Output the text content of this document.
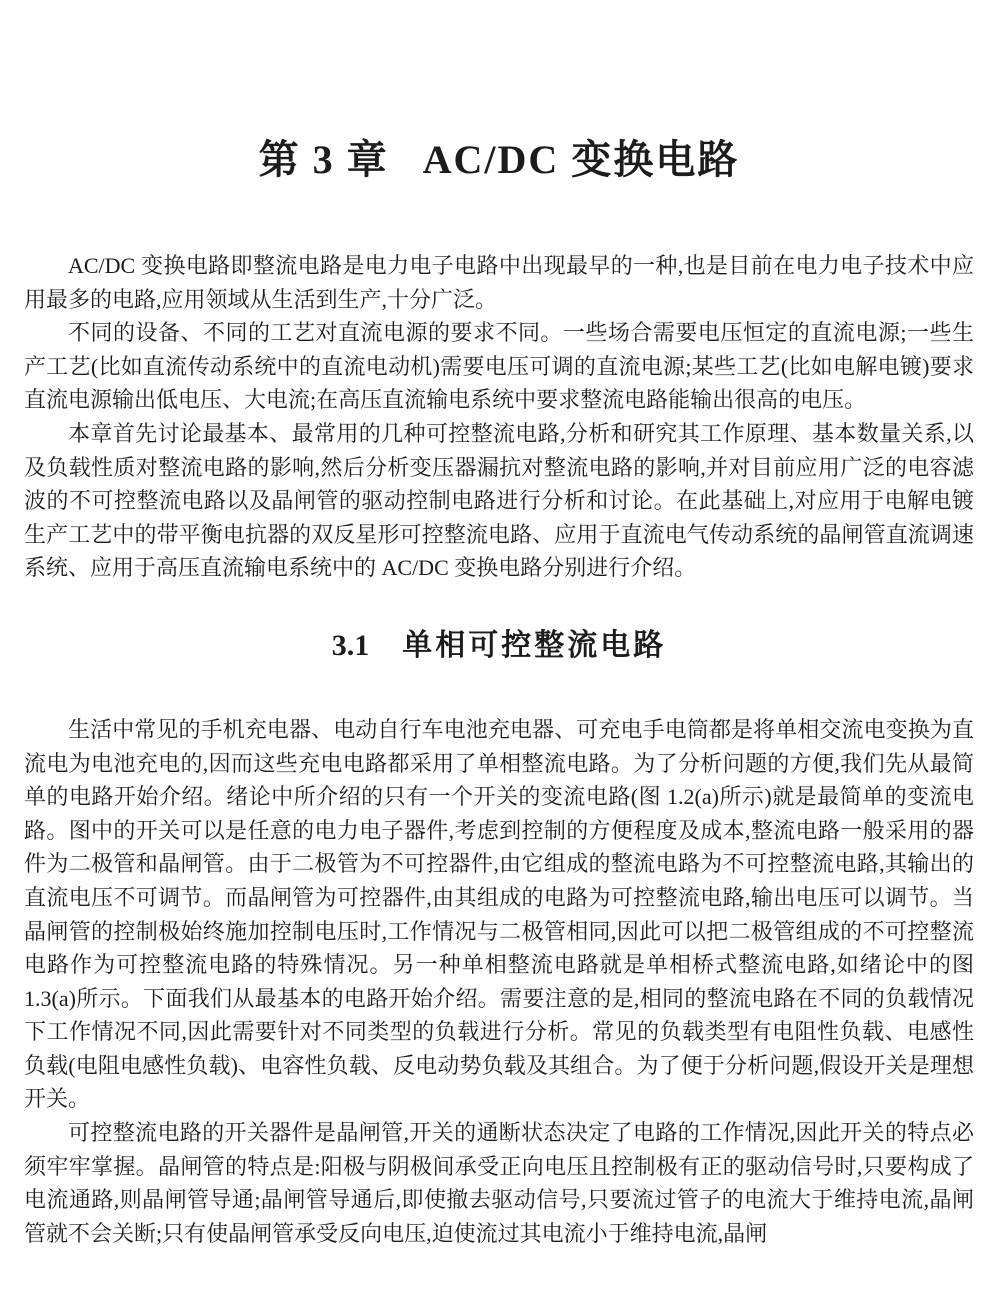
第 3 章 AC/DC 变换电路

AC/DC 变换电路即整流电路是电力电子电路中出现最早的一种,也是目前在电力电子技术中应用最多的电路,应用领域从生活到生产,十分广泛。

不同的设备、不同的工艺对直流电源的要求不同。一些场合需要电压恒定的直流电源;一些生产工艺(比如直流传动系统中的直流电动机)需要电压可调的直流电源;某些工艺(比如电解电镀)要求直流电源输出低电压、大电流;在高压直流输电系统中要求整流电路能输出很高的电压。

本章首先讨论最基本、最常用的几种可控整流电路,分析和研究其工作原理、基本数量关系,以及负载性质对整流电路的影响,然后分析变压器漏抗对整流电路的影响,并对目前应用广泛的电容滤波的不可控整流电路以及晶闸管的驱动控制电路进行分析和讨论。在此基础上,对应用于电解电镀生产工艺中的带平衡电抗器的双反星形可控整流电路、应用于直流电气传动系统的晶闸管直流调速系统、应用于高压直流输电系统中的 AC/DC 变换电路分别进行介绍。

3.1 单相可控整流电路

生活中常见的手机充电器、电动自行车电池充电器、可充电手电筒都是将单相交流电变换为直流电为电池充电的,因而这些充电电路都采用了单相整流电路。为了分析问题的方便,我们先从最简单的电路开始介绍。绪论中所介绍的只有一个开关的变流电路(图 1.2(a)所示)就是最简单的变流电路。图中的开关可以是任意的电力电子器件,考虑到控制的方便程度及成本,整流电路一般采用的器件为二极管和晶闸管。由于二极管为不可控器件,由它组成的整流电路为不可控整流电路,其输出的直流电压不可调节。而晶闸管为可控器件,由其组成的电路为可控整流电路,输出电压可以调节。当晶闸管的控制极始终施加控制电压时,工作情况与二极管相同,因此可以把二极管组成的不可控整流电路作为可控整流电路的特殊情况。另一种单相整流电路就是单相桥式整流电路,如绪论中的图 1.3(a)所示。下面我们从最基本的电路开始介绍。需要注意的是,相同的整流电路在不同的负载情况下工作情况不同,因此需要针对不同类型的负载进行分析。常见的负载类型有电阻性负载、电感性负载(电阻电感性负载)、电容性负载、反电动势负载及其组合。为了便于分析问题,假设开关是理想开关。

可控整流电路的开关器件是晶闸管,开关的通断状态决定了电路的工作情况,因此开关的特点必须牢牢掌握。晶闸管的特点是:阳极与阴极间承受正向电压且控制极有正的驱动信号时,只要构成了电流通路,则晶闸管导通;晶闸管导通后,即使撤去驱动信号,只要流过管子的电流大于维持电流,晶闸管就不会关断;只有使晶闸管承受反向电压,迫使流过其电流小于维持电流,晶闸
